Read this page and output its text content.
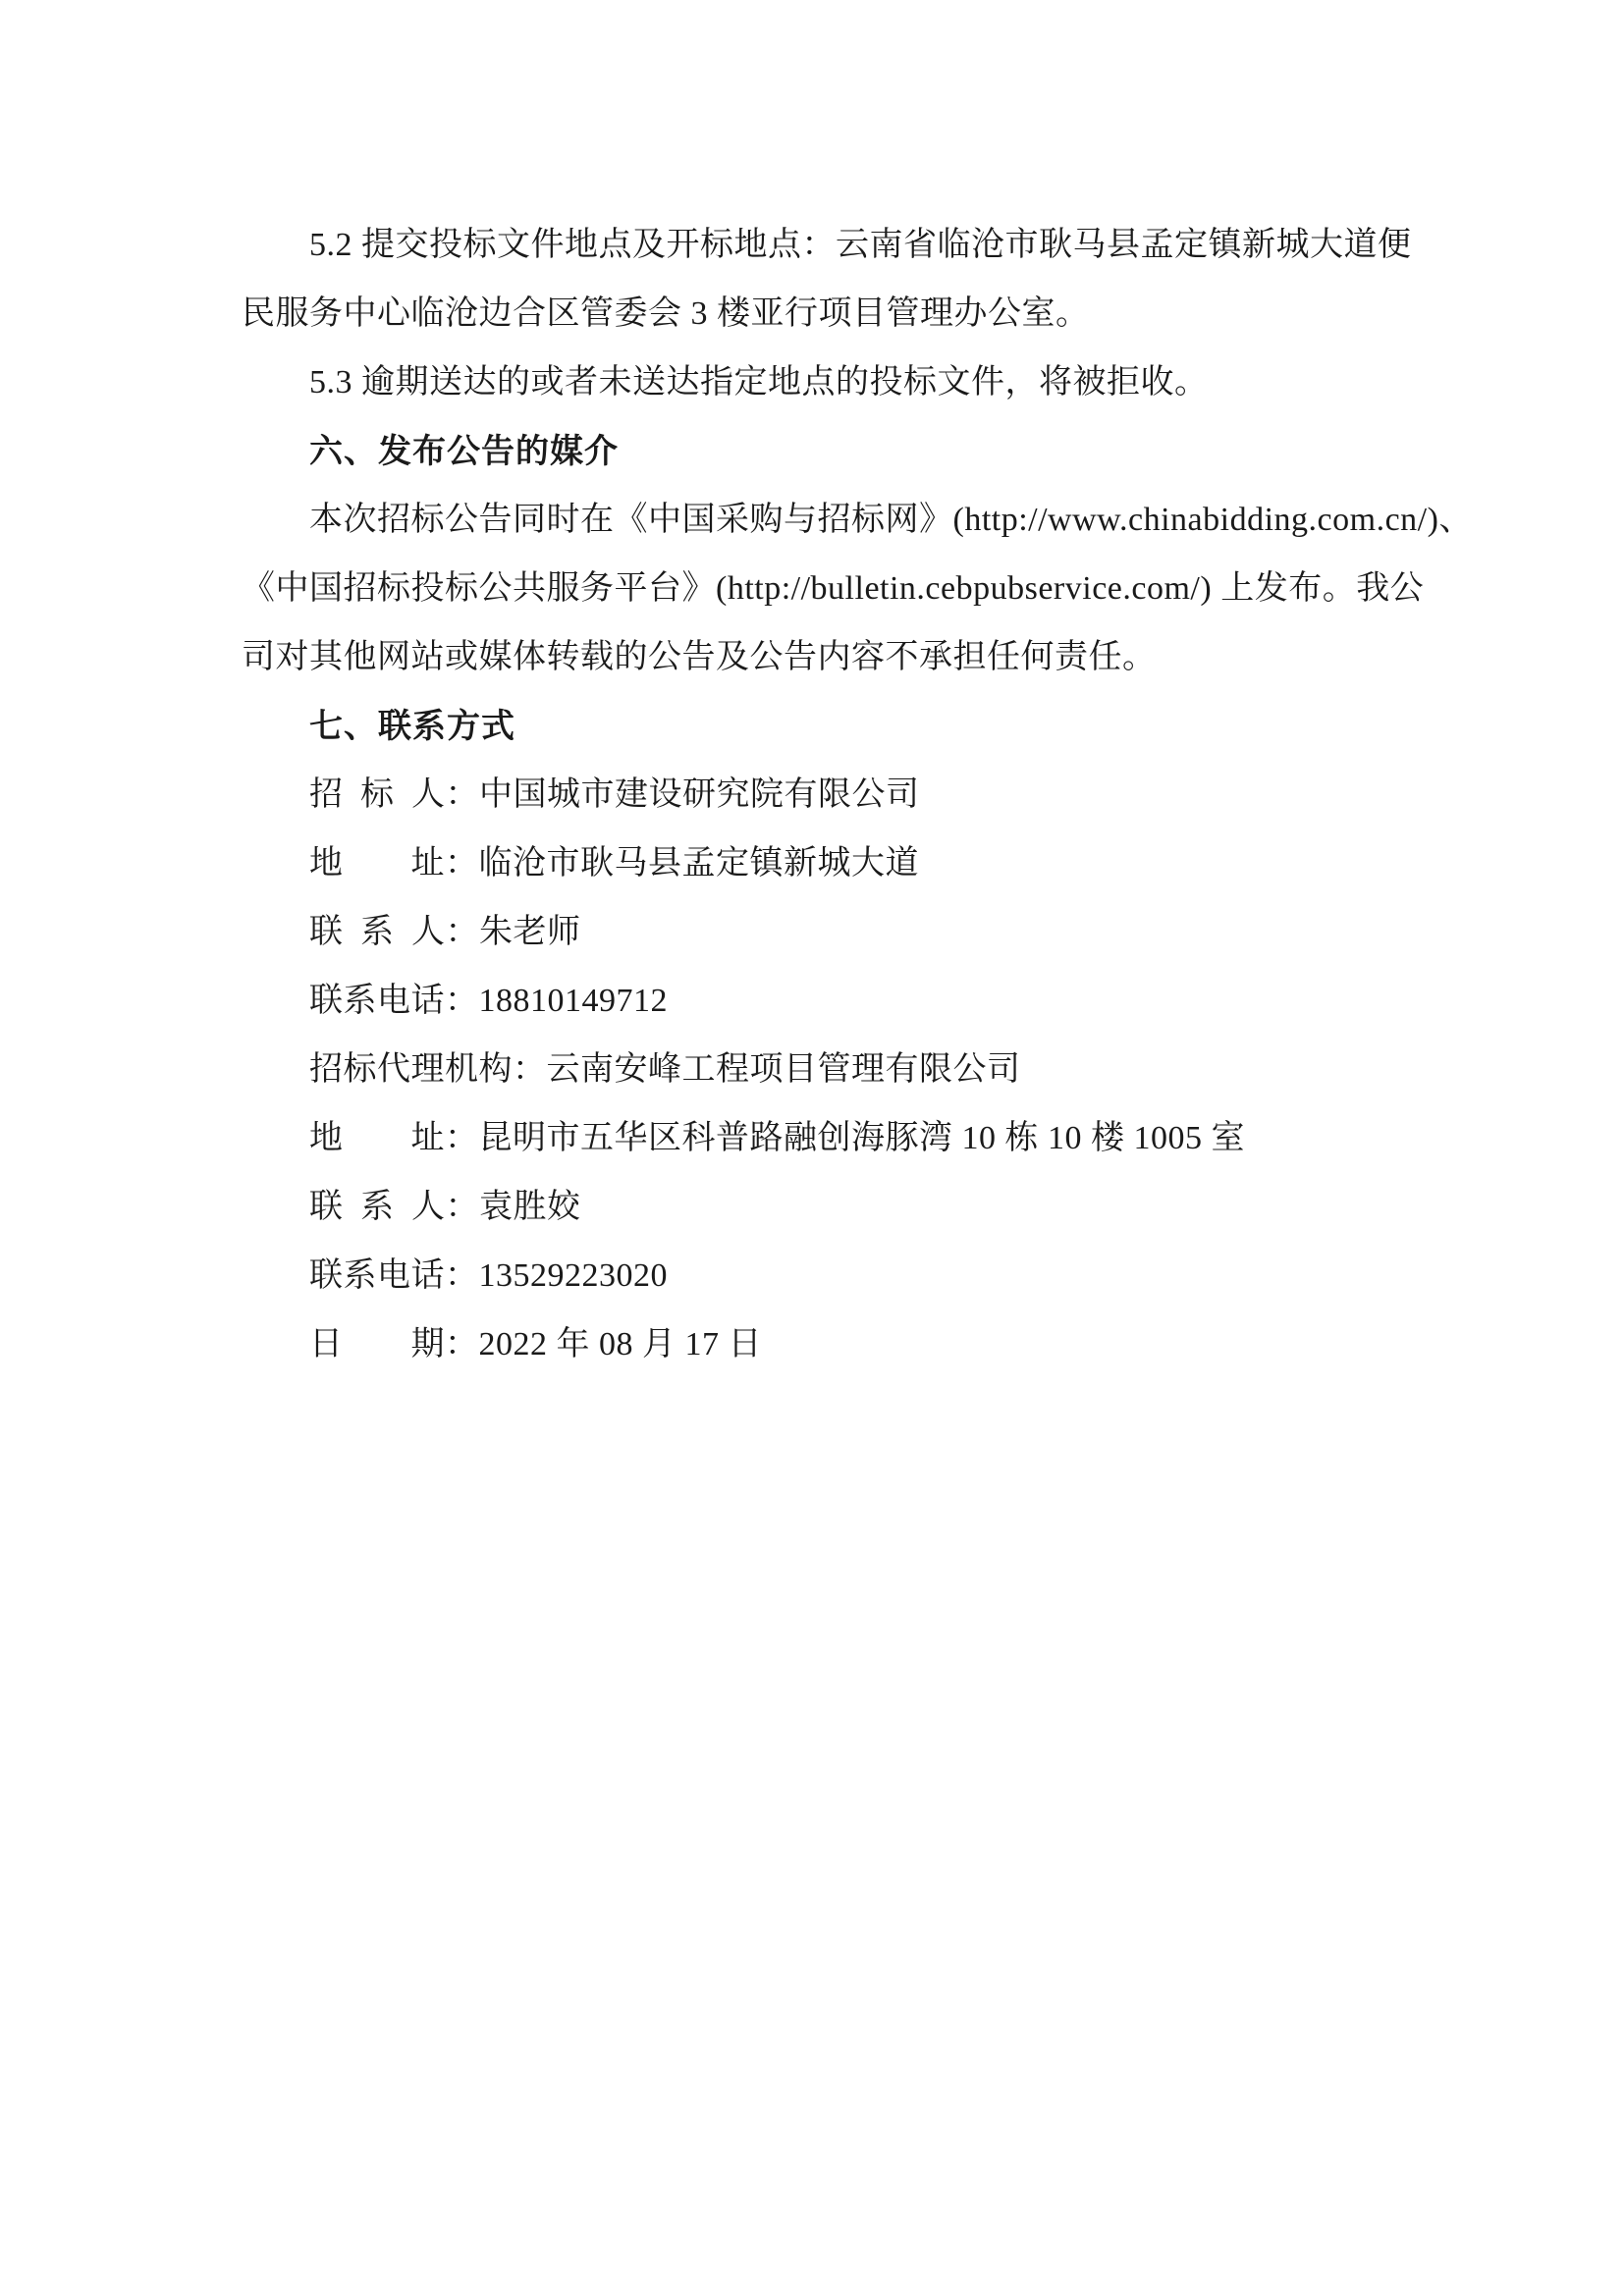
5.2 提交投标文件地点及开标地点：云南省临沧市耿马县孟定镇新城大道便
民服务中心临沧边合区管委会 3 楼亚行项目管理办公室。
5.3 逾期送达的或者未送达指定地点的投标文件，将被拒收。
六、发布公告的媒介
本次招标公告同时在《中国采购与招标网》(http://www.chinabidding.com.cn/)、
《中国招标投标公共服务平台》(http://bulletin.cebpubservice.com/) 上发布。我公
司对其他网站或媒体转载的公告及公告内容不承担任何责任。
七、联系方式
招 标 人：中国城市建设研究院有限公司
地  址：临沧市耿马县孟定镇新城大道
联 系 人：朱老师
联系电话：18810149712
招标代理机构：云南安峰工程项目管理有限公司
地  址：昆明市五华区科普路融创海豚湾 10 栋 10 楼 1005 室
联 系 人：袁胜姣
联系电话：13529223020
日  期：2022 年 08 月 17 日
